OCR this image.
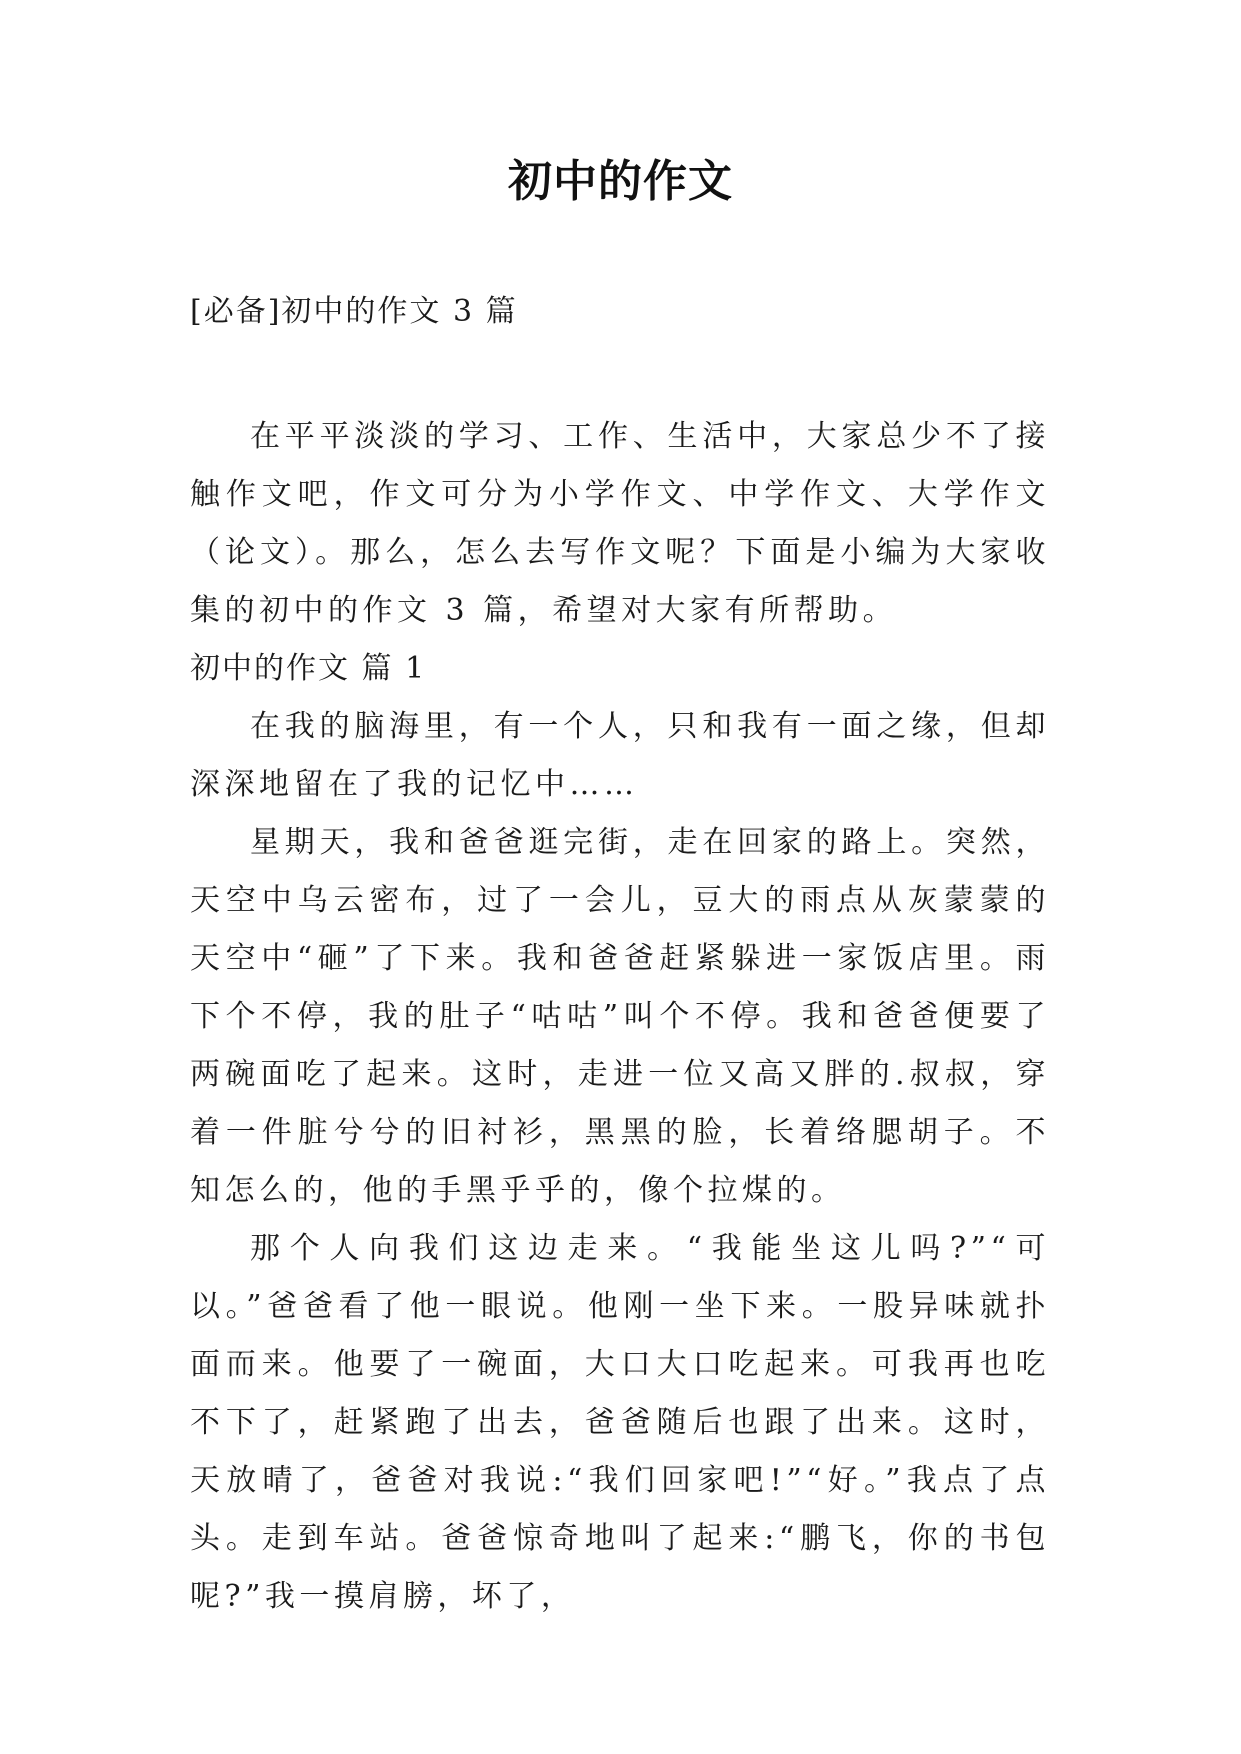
初中的作文
[必备]初中的作文 3 篇

在平平淡淡的学习、工作、生活中，大家总少不了接触作文吧，作文可分为小学作文、中学作文、大学作文（论文）。那么，怎么去写作文呢？下面是小编为大家收集的初中的作文 3 篇，希望对大家有所帮助。

初中的作文 篇 1

在我的脑海里，有一个人，只和我有一面之缘，但却深深地留在了我的记忆中……

星期天，我和爸爸逛完街，走在回家的路上。突然，天空中乌云密布，过了一会儿，豆大的雨点从灰蒙蒙的天空中“砸”了下来。我和爸爸赶紧躲进一家饭店里。雨下个不停，我的肚子“咕咕”叫个不停。我和爸爸便要了两碗面吃了起来。这时，走进一位又高又胖的.叔叔，穿着一件脏兮兮的旧衬衫，黑黑的脸，长着络腮胡子。不知怎么的，他的手黑乎乎的，像个拉煤的。

那个人向我们这边走来。“我能坐这儿吗?”“可以。”爸爸看了他一眼说。他刚一坐下来。一股异味就扑面而来。他要了一碗面，大口大口吃起来。可我再也吃不下了，赶紧跑了出去，爸爸随后也跟了出来。这时，天放晴了，爸爸对我说:“我们回家吧!”“好。”我点了点头。走到车站。爸爸惊奇地叫了起来:“鹏飞，你的书包呢?”我一摸肩膀，坏了，
